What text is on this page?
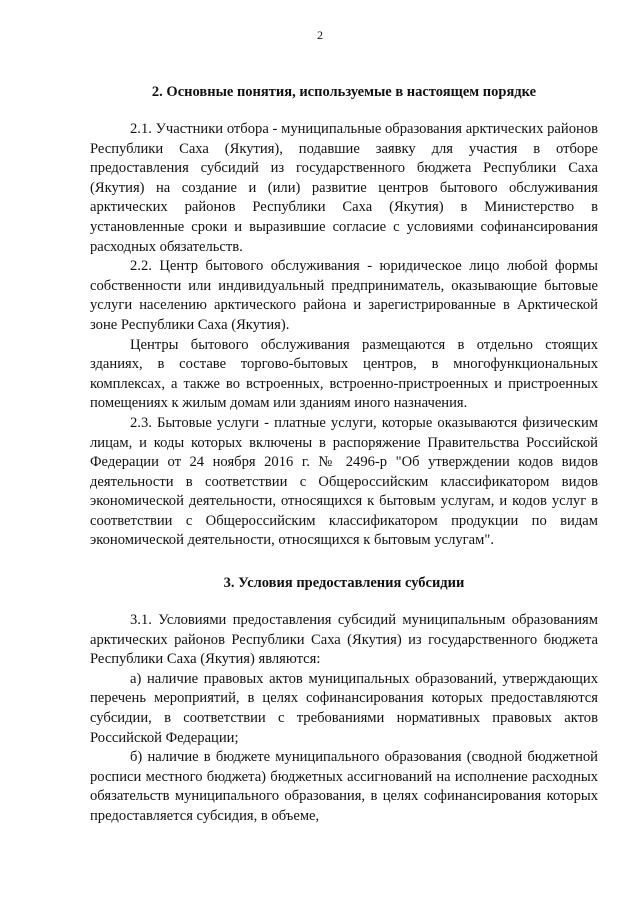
2
2. Основные понятия, используемые в настоящем порядке

2.1. Участники отбора - муниципальные образования арктических районов Республики Саха (Якутия), подавшие заявку для участия в отборе предоставления субсидий из государственного бюджета Республики Саха (Якутия) на создание и (или) развитие центров бытового обслуживания арктических районов Республики Саха (Якутия) в Министерство в установленные сроки и выразившие согласие с условиями софинансирования расходных обязательств.

2.2. Центр бытового обслуживания - юридическое лицо любой формы собственности или индивидуальный предприниматель, оказывающие бытовые услуги населению арктического района и зарегистрированные в Арктической зоне Республики Саха (Якутия).

Центры бытового обслуживания размещаются в отдельно стоящих зданиях, в составе торгово-бытовых центров, в многофункциональных комплексах, а также во встроенных, встроенно-пристроенных и пристроенных помещениях к жилым домам или зданиям иного назначения.

2.3. Бытовые услуги - платные услуги, которые оказываются физическим лицам, и коды которых включены в распоряжение Правительства Российской Федерации от 24 ноября 2016 г. № 2496-р "Об утверждении кодов видов деятельности в соответствии с Общероссийским классификатором видов экономической деятельности, относящихся к бытовым услугам, и кодов услуг в соответствии с Общероссийским классификатором продукции по видам экономической деятельности, относящихся к бытовым услугам".

3. Условия предоставления субсидии

3.1. Условиями предоставления субсидий муниципальным образованиям арктических районов Республики Саха (Якутия) из государственного бюджета Республики Саха (Якутия) являются:

а) наличие правовых актов муниципальных образований, утверждающих перечень мероприятий, в целях софинансирования которых предоставляются субсидии, в соответствии с требованиями нормативных правовых актов Российской Федерации;

б) наличие в бюджете муниципального образования (сводной бюджетной росписи местного бюджета) бюджетных ассигнований на исполнение расходных обязательств муниципального образования, в целях софинансирования которых предоставляется субсидия, в объеме,
